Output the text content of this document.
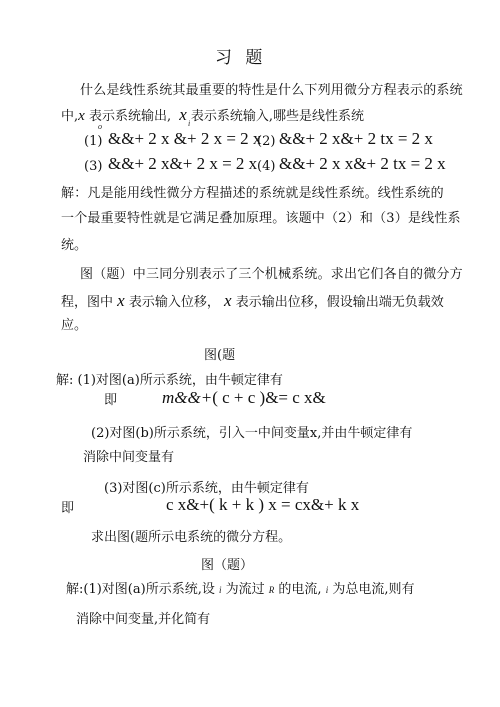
习 题
什么是线性系统其最重要的特性是什么下列用微分方程表示的系统
中,x 表示系统输出, x 表示系统输入,哪些是线性系统
o	i
(1) &&+ 2 x &+ 2 x = 2 x
(2) &&+ 2 x&+ 2 tx = 2 x
(3) &&+ 2 x&+ 2 x = 2 x (4) &&+ 2 x x&+ 2 tx = 2 x
解：凡是能用线性微分方程描述的系统就是线性系统。线性系统的
一个最重要特性就是它满足叠加原理。该题中（2）和（3）是线性系
统。
图（题）中三同分别表示了三个机械系统。求出它们各自的微分方
程，图中 x 表示输入位移， x 表示输出位移，假设输出端无负载效
应。
图(题
解: (1)对图(a)所示系统，由牛顿定律有
即	m&&+( c + c )&= c x&
(2)对图(b)所示系统，引入一中间变量x,并由牛顿定律有
消除中间变量有
(3)对图(c)所示系统，由牛顿定律有
即	c x&+( k + k ) x = cx&+ k x
求出图(题所示电系统的微分方程。
图（题）
解:(1)对图(a)所示系统,设 i 为流过 R 的电流, i 为总电流,则有
消除中间变量,并化简有
